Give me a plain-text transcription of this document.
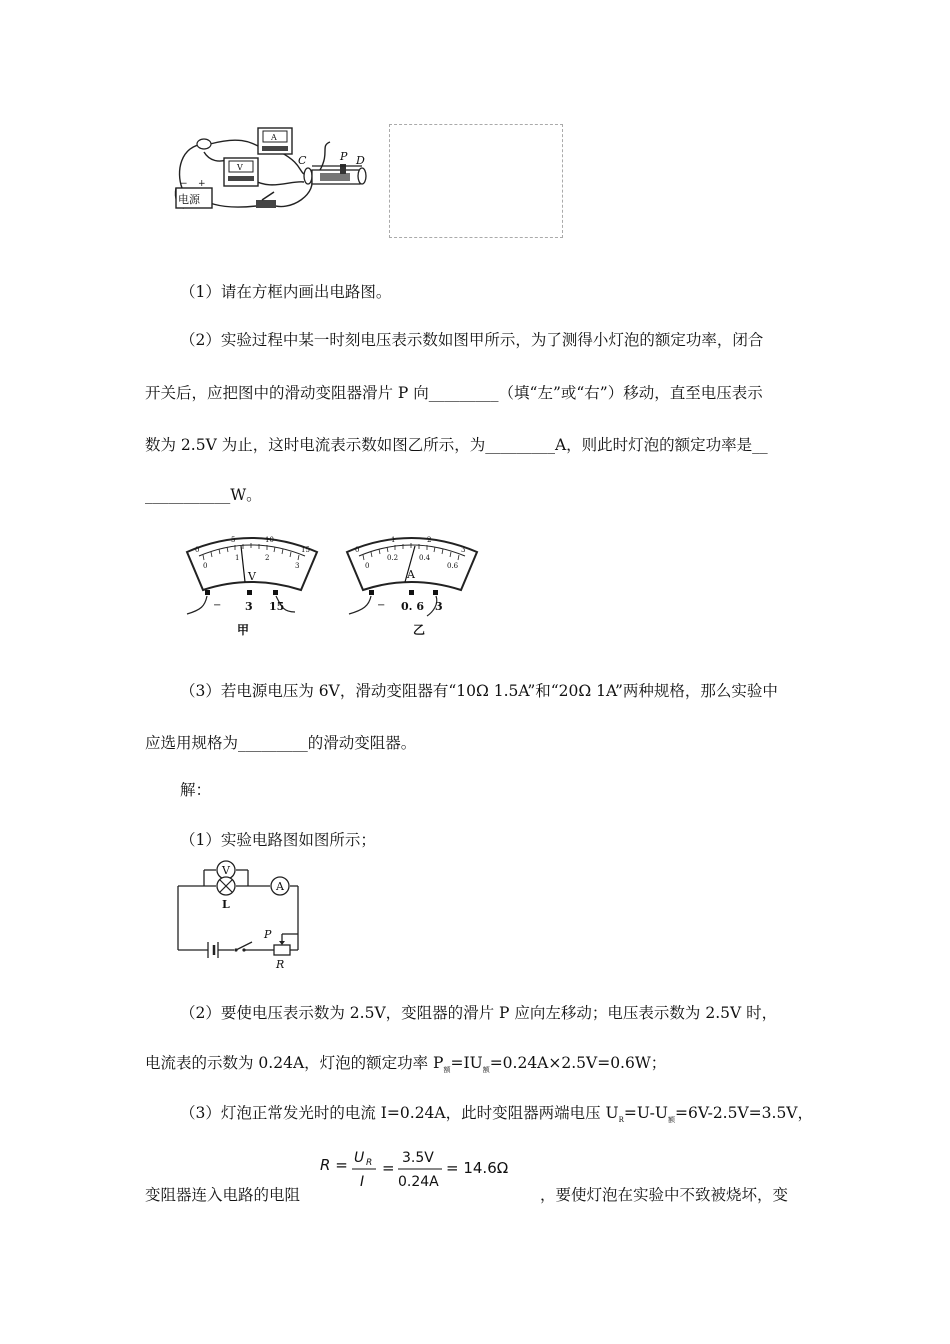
电源
− +
A
V
C	P D
（1）请在方框内画出电路图。
（2）实验过程中某一时刻电压表示数如图甲所示，为了测得小灯泡的额定功率，闭合
开关后，应把图中的滑动变阻器滑片 P 向_________（填“左”或“右”）移动，直至电压表示
数为 2.5V 为止，这时电流表示数如图乙所示，为_________A，则此时灯泡的额定功率是__
___________W。
0
5	10
15
0
1	2
3
V
− 3 15
甲
0
1	2
3
0
0.2	0.4
0.6
A
− 0. 6 3
乙
（3）若电源电压为 6V，滑动变阻器有“10Ω 1.5A”和“20Ω 1A”两种规格，那么实验中
应选用规格为_________的滑动变阻器。
解：
（1）实验电路图如图所示；
V
L
A
P
R
（2）要使电压表示数为 2.5V，变阻器的滑片 P 应向左移动；电压表示数为 2.5V 时，
电流表的示数为 0.24A，灯泡的额定功率 $P_额=IU_额=0.24A\times 2.5V=0.6W$；
（3）灯泡正常发光时的电流 I=0.24A，此时变阻器两端电压 $U_R=U-U_额=6V-2.5V=3.5V$，
R = U R
I
=
3.5V
0.24A
= 14.6Ω
变阻器连入电路的电阻	，要使灯泡在实验中不致被烧坏，变
